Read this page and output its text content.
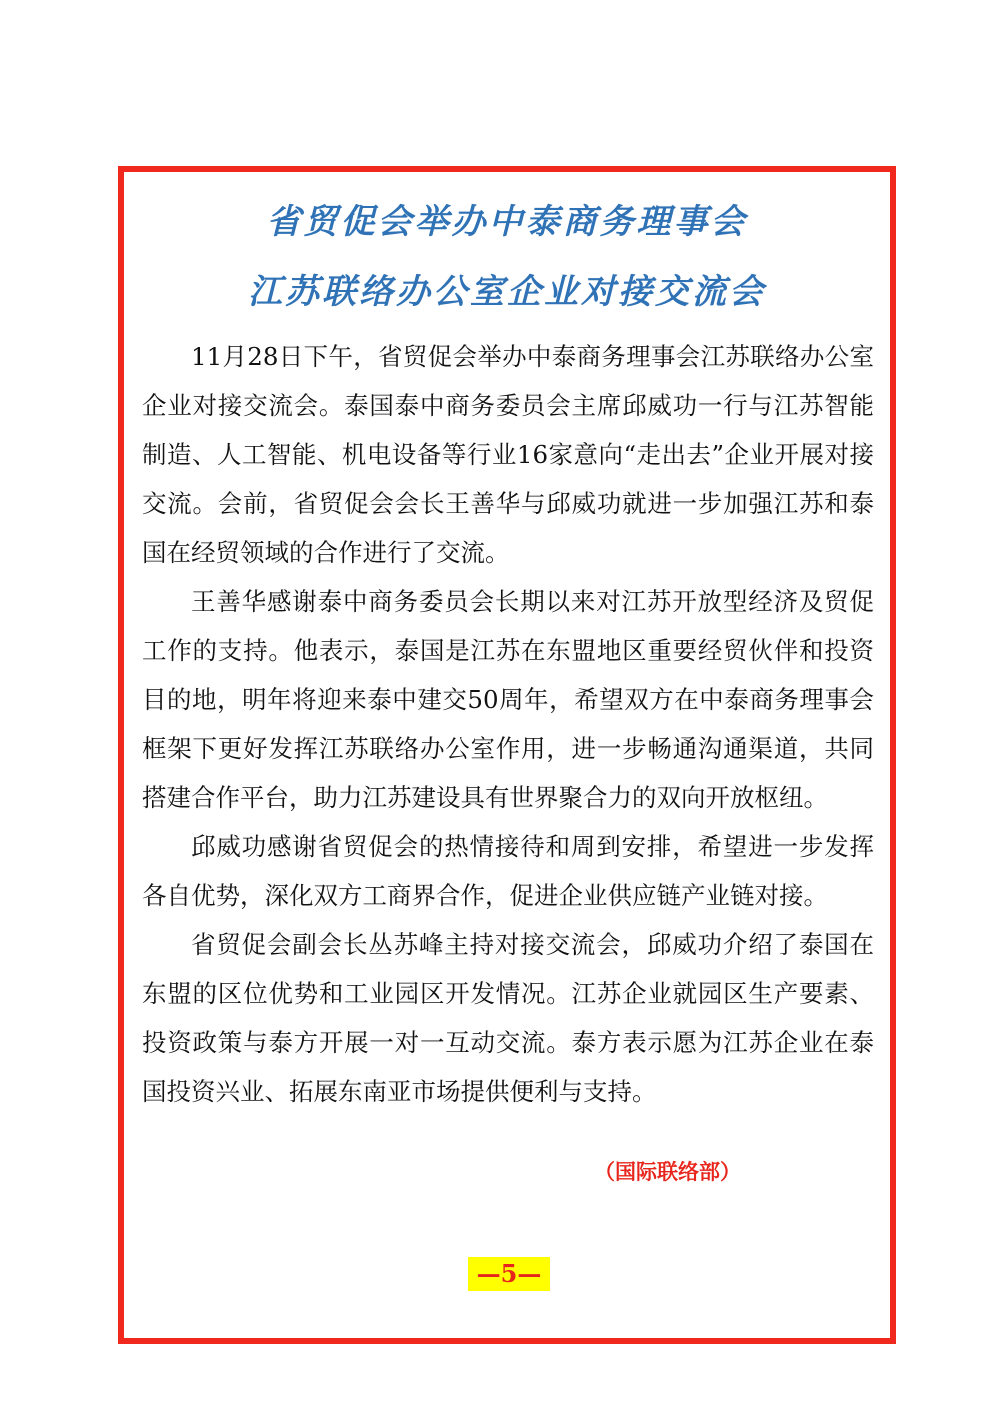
省贸促会举办中泰商务理事会
江苏联络办公室企业对接交流会

11月28日下午，省贸促会举办中泰商务理事会江苏联络办公室企业对接交流会。泰国泰中商务委员会主席邱威功一行与江苏智能制造、人工智能、机电设备等行业16家意向“走出去”企业开展对接交流。会前，省贸促会会长王善华与邱威功就进一步加强江苏和泰国在经贸领域的合作进行了交流。

王善华感谢泰中商务委员会长期以来对江苏开放型经济及贸促工作的支持。他表示，泰国是江苏在东盟地区重要经贸伙伴和投资目的地，明年将迎来泰中建交50周年，希望双方在中泰商务理事会框架下更好发挥江苏联络办公室作用，进一步畅通沟通渠道，共同搭建合作平台，助力江苏建设具有世界聚合力的双向开放枢纽。

邱威功感谢省贸促会的热情接待和周到安排，希望进一步发挥各自优势，深化双方工商界合作，促进企业供应链产业链对接。

省贸促会副会长丛苏峰主持对接交流会，邱威功介绍了泰国在东盟的区位优势和工业园区开发情况。江苏企业就园区生产要素、投资政策与泰方开展一对一互动交流。泰方表示愿为江苏企业在泰国投资兴业、拓展东南亚市场提供便利与支持。

（国际联络部）
—5—
